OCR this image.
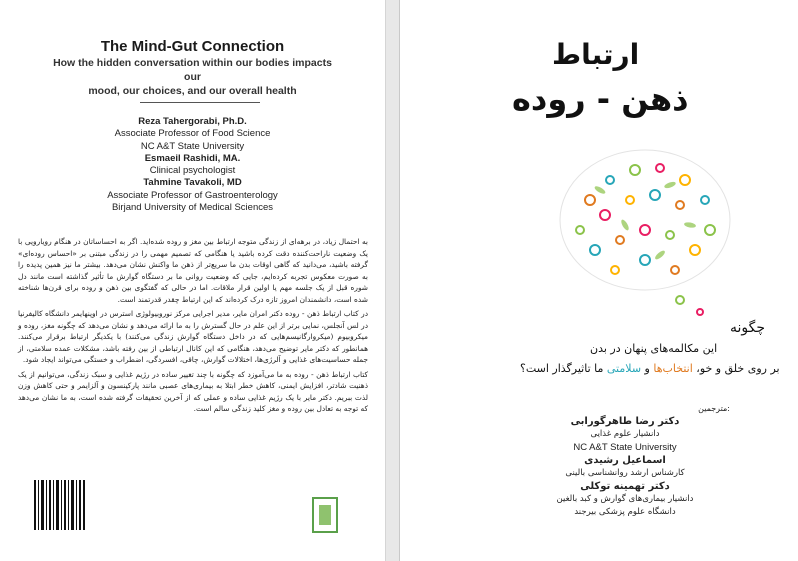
The Mind-Gut Connection
How the hidden conversation within our bodies impacts our
mood, our choices, and our overall health
Reza Tahergorabi, Ph.D.
Associate Professor of Food Science
NC A&T State University
Esmaeil Rashidi, MA.
Clinical psychologist
Tahmine Tavakoli, MD
Associate Professor of Gastroenterology
Birjand University of Medical Sciences

به احتمال زیاد، در برهه‌ای از زندگی متوجه ارتباط بین مغز و روده شده‌اید. اگر به احساساتان در هنگام رویارویی با یک وضعیت ناراحت‌کننده دقت کرده باشید یا هنگامی که تصمیم مهمی را در زندگی مبتنی بر «احساس روده‌ای» گرفته باشید، می‌دانید که گاهی اوقات بدن ما سریع‌تر از ذهن ما واکنش نشان می‌دهد. بیشتر ما نیز همین پدیده را به صورت معکوس تجربه کرده‌ایم، جایی که وضعیت روانی ما بر دستگاه گوارش ما تأثیر گذاشته است مانند دل شوره قبل از یک جلسه مهم یا اولین قرار ملاقات. اما در حالی که گفتگوی بین ذهن و روده برای قرن‌ها شناخته شده است، دانشمندان امروز تازه درک کرده‌اند که این ارتباط چقدر قدرتمند است.

در کتاب ارتباط ذهن - روده دکتر امران مایر، مدیر اجرایی مرکز نوروبیولوژی استرس در اوپنهایمر دانشگاه کالیفرنیا در لس آنجلس، نمایی برتر از این علم در حال گسترش را به ما ارائه می‌دهد و نشان می‌دهد که چگونه مغز، روده و میکروبیوم (میکروارگانیسم‌هایی که در داخل دستگاه گوارش زندگی می‌کنند) با یکدیگر ارتباط برقرار می‌کنند. همانطور که دکتر مایر توضیح می‌دهد، هنگامی که این کانال ارتباطی از بین رفته باشد، مشکلات عمده سلامتی، از جمله حساسیت‌های غذایی و آلرژی‌ها، اختلالات گوارش، چاقی، افسردگی، اضطراب و خستگی می‌تواند ایجاد شود.

کتاب ارتباط ذهن - روده به ما می‌آموزد که چگونه با چند تغییر ساده در رژیم غذایی و سبک زندگی، می‌توانیم از یک ذهنیت شادتر، افزایش ایمنی، کاهش خطر ابتلا به بیماری‌های عصبی مانند پارکینسون و آلزایمر و حتی کاهش وزن لذت ببریم. دکتر مایر با یک رژیم غذایی ساده و عملی که از آخرین تحقیقات گرفته شده است، به ما نشان می‌دهد که توجه به تعادل بین روده و مغز کلید زندگی سالم است.

ارتباط
ذهن - روده
چگونه
این مکالمه‌های پنهان در بدن
بر روی خلق و خو، انتخاب‌ها و سلامتی ما تاثیرگذار است؟
مترجمین:
دکتر رضا طاهرگورابی
دانشیار علوم غذایی
NC A&T State University
اسماعیل رشیدی
کارشناس ارشد روانشناسی بالینی
دکتر تهمینه توکلی
دانشیار بیماری‌های گوارش و کبد بالغین
دانشگاه علوم پزشکی بیرجند
